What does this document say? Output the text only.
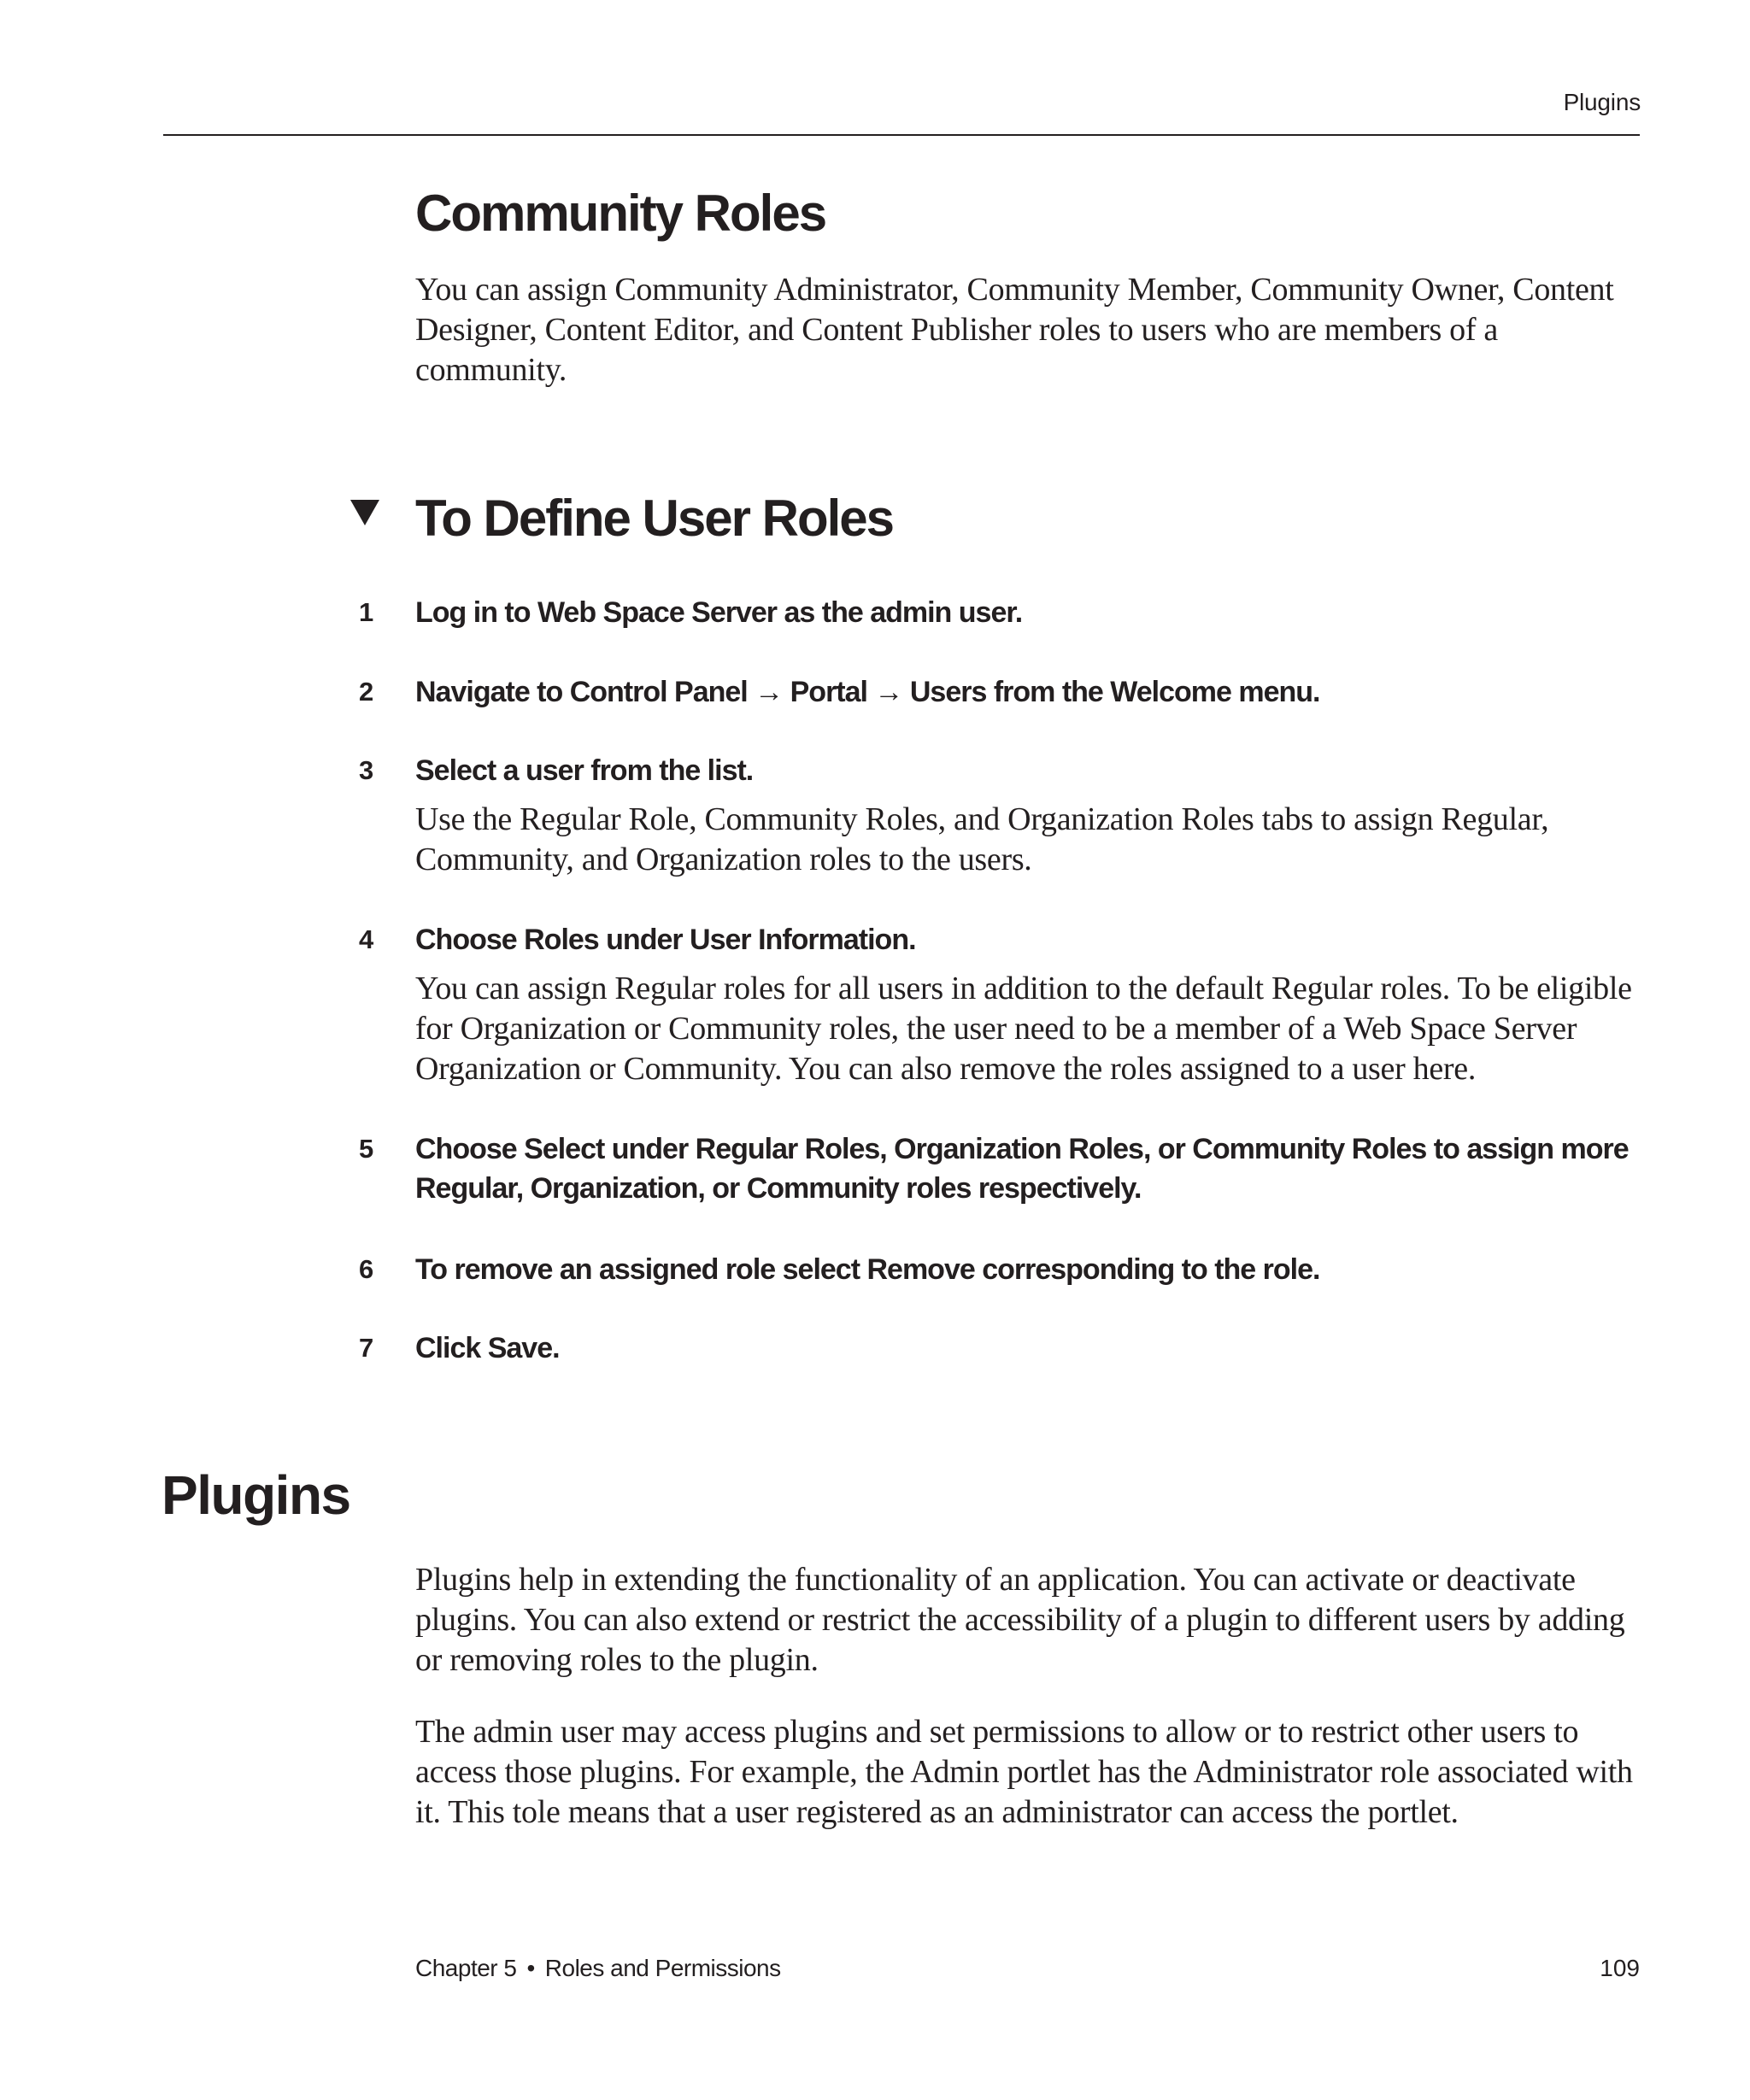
Plugins
Community Roles

You can assign Community Administrator, Community Member, Community Owner, Content Designer, Content Editor, and Content Publisher roles to users who are members of a community.

To Define User Roles
1 Log in to Web Space Server as the admin user.

2 Navigate to Control Panel → Portal → Users from the Welcome menu.

3 Select a user from the list.

Use the Regular Role, Community Roles, and Organization Roles tabs to assign Regular, Community, and Organization roles to the users.

4 Choose Roles under User Information.

You can assign Regular roles for all users in addition to the default Regular roles. To be eligible for Organization or Community roles, the user need to be a member of a Web Space Server Organization or Community. You can also remove the roles assigned to a user here.

5 Choose Select under Regular Roles, Organization Roles, or Community Roles to assign more Regular, Organization, or Community roles respectively.

6 To remove an assigned role select Remove corresponding to the role.

7 Click Save.

Plugins

Plugins help in extending the functionality of an application. You can activate or deactivate plugins. You can also extend or restrict the accessibility of a plugin to different users by adding or removing roles to the plugin.

The admin user may access plugins and set permissions to allow or to restrict other users to access those plugins. For example, the Admin portlet has the Administrator role associated with it. This tole means that a user registered as an administrator can access the portlet.

Chapter 5 • Roles and Permissions	109
